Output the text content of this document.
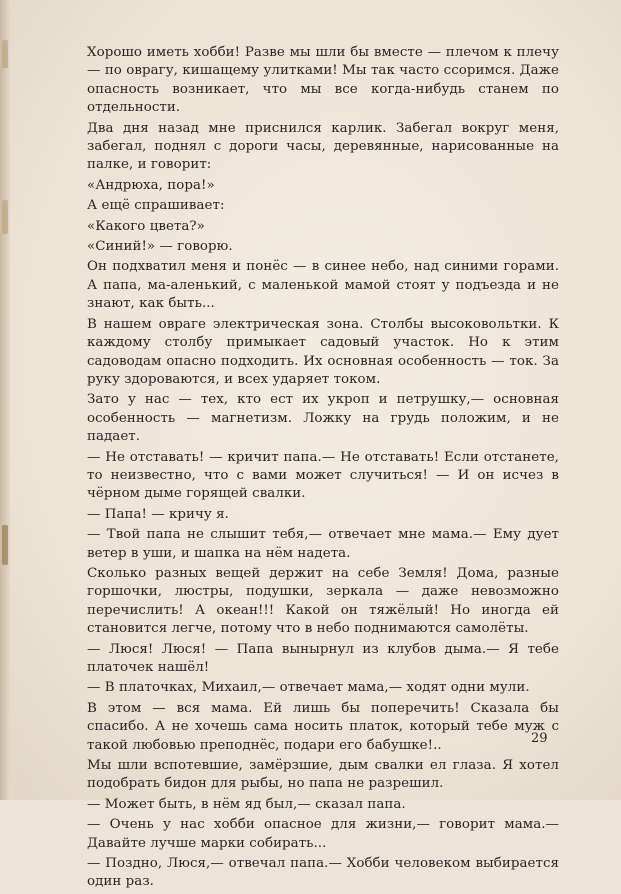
Хорошо иметь хобби! Разве мы шли бы вместе — плечом к плечу — по оврагу, кишащему улитками! Мы так часто ссоримся. Даже опасность возникает, что мы все когда-нибудь станем по отдельности.

Два дня назад мне приснился карлик. Забегал вокруг меня, забегал, поднял с дороги часы, деревянные, нарисованные на палке, и говорит:

«Андрюха, пора!»

А ещё спрашивает:

«Какого цвета?»

«Синий!» — говорю.

Он подхватил меня и понёс — в синее небо, над синими горами. А папа, ма-аленький, с маленькой мамой стоят у подъезда и не знают, как быть...

В нашем овраге электрическая зона. Столбы высоковольтки. К каждому столбу примыкает садовый участок. Но к этим садоводам опасно подходить. Их основная особенность — ток. За руку здороваются, и всех ударяет током.

Зато у нас — тех, кто ест их укроп и петрушку,— основная особенность — магнетизм. Ложку на грудь положим, и не падает.

— Не отставать! — кричит папа.— Не отставать! Если отстанете, то неизвестно, что с вами может случиться! — И он исчез в чёрном дыме горящей свалки.

— Папа! — кричу я.

— Твой папа не слышит тебя,— отвечает мне мама.— Ему дует ветер в уши, и шапка на нём надета.

Сколько разных вещей держит на себе Земля! Дома, разные горшочки, люстры, подушки, зеркала — даже невозможно перечислить! А океан!!! Какой он тяжёлый! Но иногда ей становится легче, потому что в небо поднимаются самолёты.

— Люся! Люся! — Папа вынырнул из клубов дыма.— Я тебе платочек нашёл!

— В платочках, Михаил,— отвечает мама,— ходят одни мули.

В этом — вся мама. Ей лишь бы поперечить! Сказала бы спасибо. А не хочешь сама носить платок, который тебе муж с такой любовью преподнёс, подари его бабушке!..

Мы шли вспотевшие, замёрзшие, дым свалки ел глаза. Я хотел подобрать бидон для рыбы, но папа не разрешил.

— Может быть, в нём яд был,— сказал папа.

— Очень у нас хобби опасное для жизни,— говорит мама.— Давайте лучше марки собирать...

— Поздно, Люся,— отвечал папа.— Хобби человеком выбирается один раз.

29
